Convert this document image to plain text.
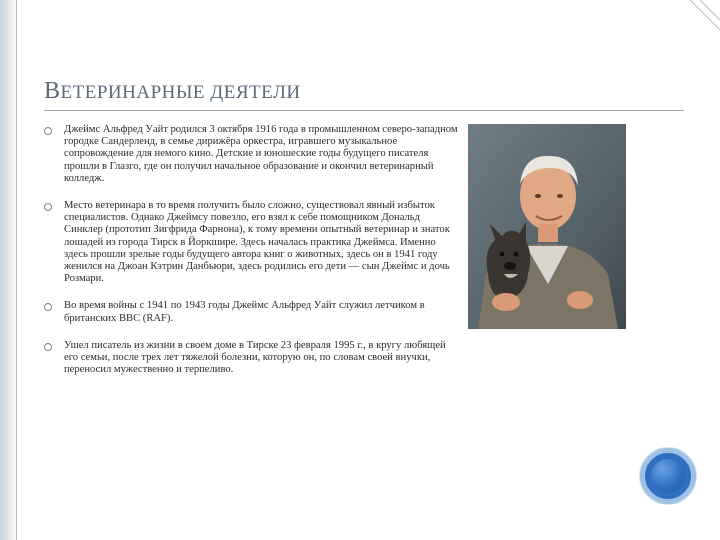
ВЕТЕРИНАРНЫЕ ДЕЯТЕЛИ
Джеймс Альфред Уайт родился 3 октября 1916 года в промышленном северо-западном городке Сандерленд, в семье дирижёра оркестра, игравшего музыкальное сопровождение для немого кино. Детские и юношеские годы будущего писателя прошли в Глазго, где он получил начальное образование и окончил ветеринарный колледж.
Место ветеринара в то время получить было сложно, существовал явный избыток специалистов. Однако Джеймсу повезло, его взял к себе помощником Дональд Синклер (прототип Зигфрида Фарнона), к тому времени опытный ветеринар и знаток лошадей из города Тирск в Йоркшире. Здесь началась практика Джеймса. Именно здесь прошли зрелые годы будущего автора книг о животных, здесь он в 1941 году женился на Джоан Кэтрин Данбьюри, здесь родились его дети — сын Джеймс и дочь Розмари.
Во время войны с 1941 по 1943 годы Джеймс Альфред Уайт служил летчиком в британских ВВС (RAF).
Ушел писатель из жизни в своем доме в Тирске 23 февраля 1995 г., в кругу любящей его семьи, после трех лет тяжелой болезни, которую он, по словам своей внучки, переносил мужественно и терпеливо.
